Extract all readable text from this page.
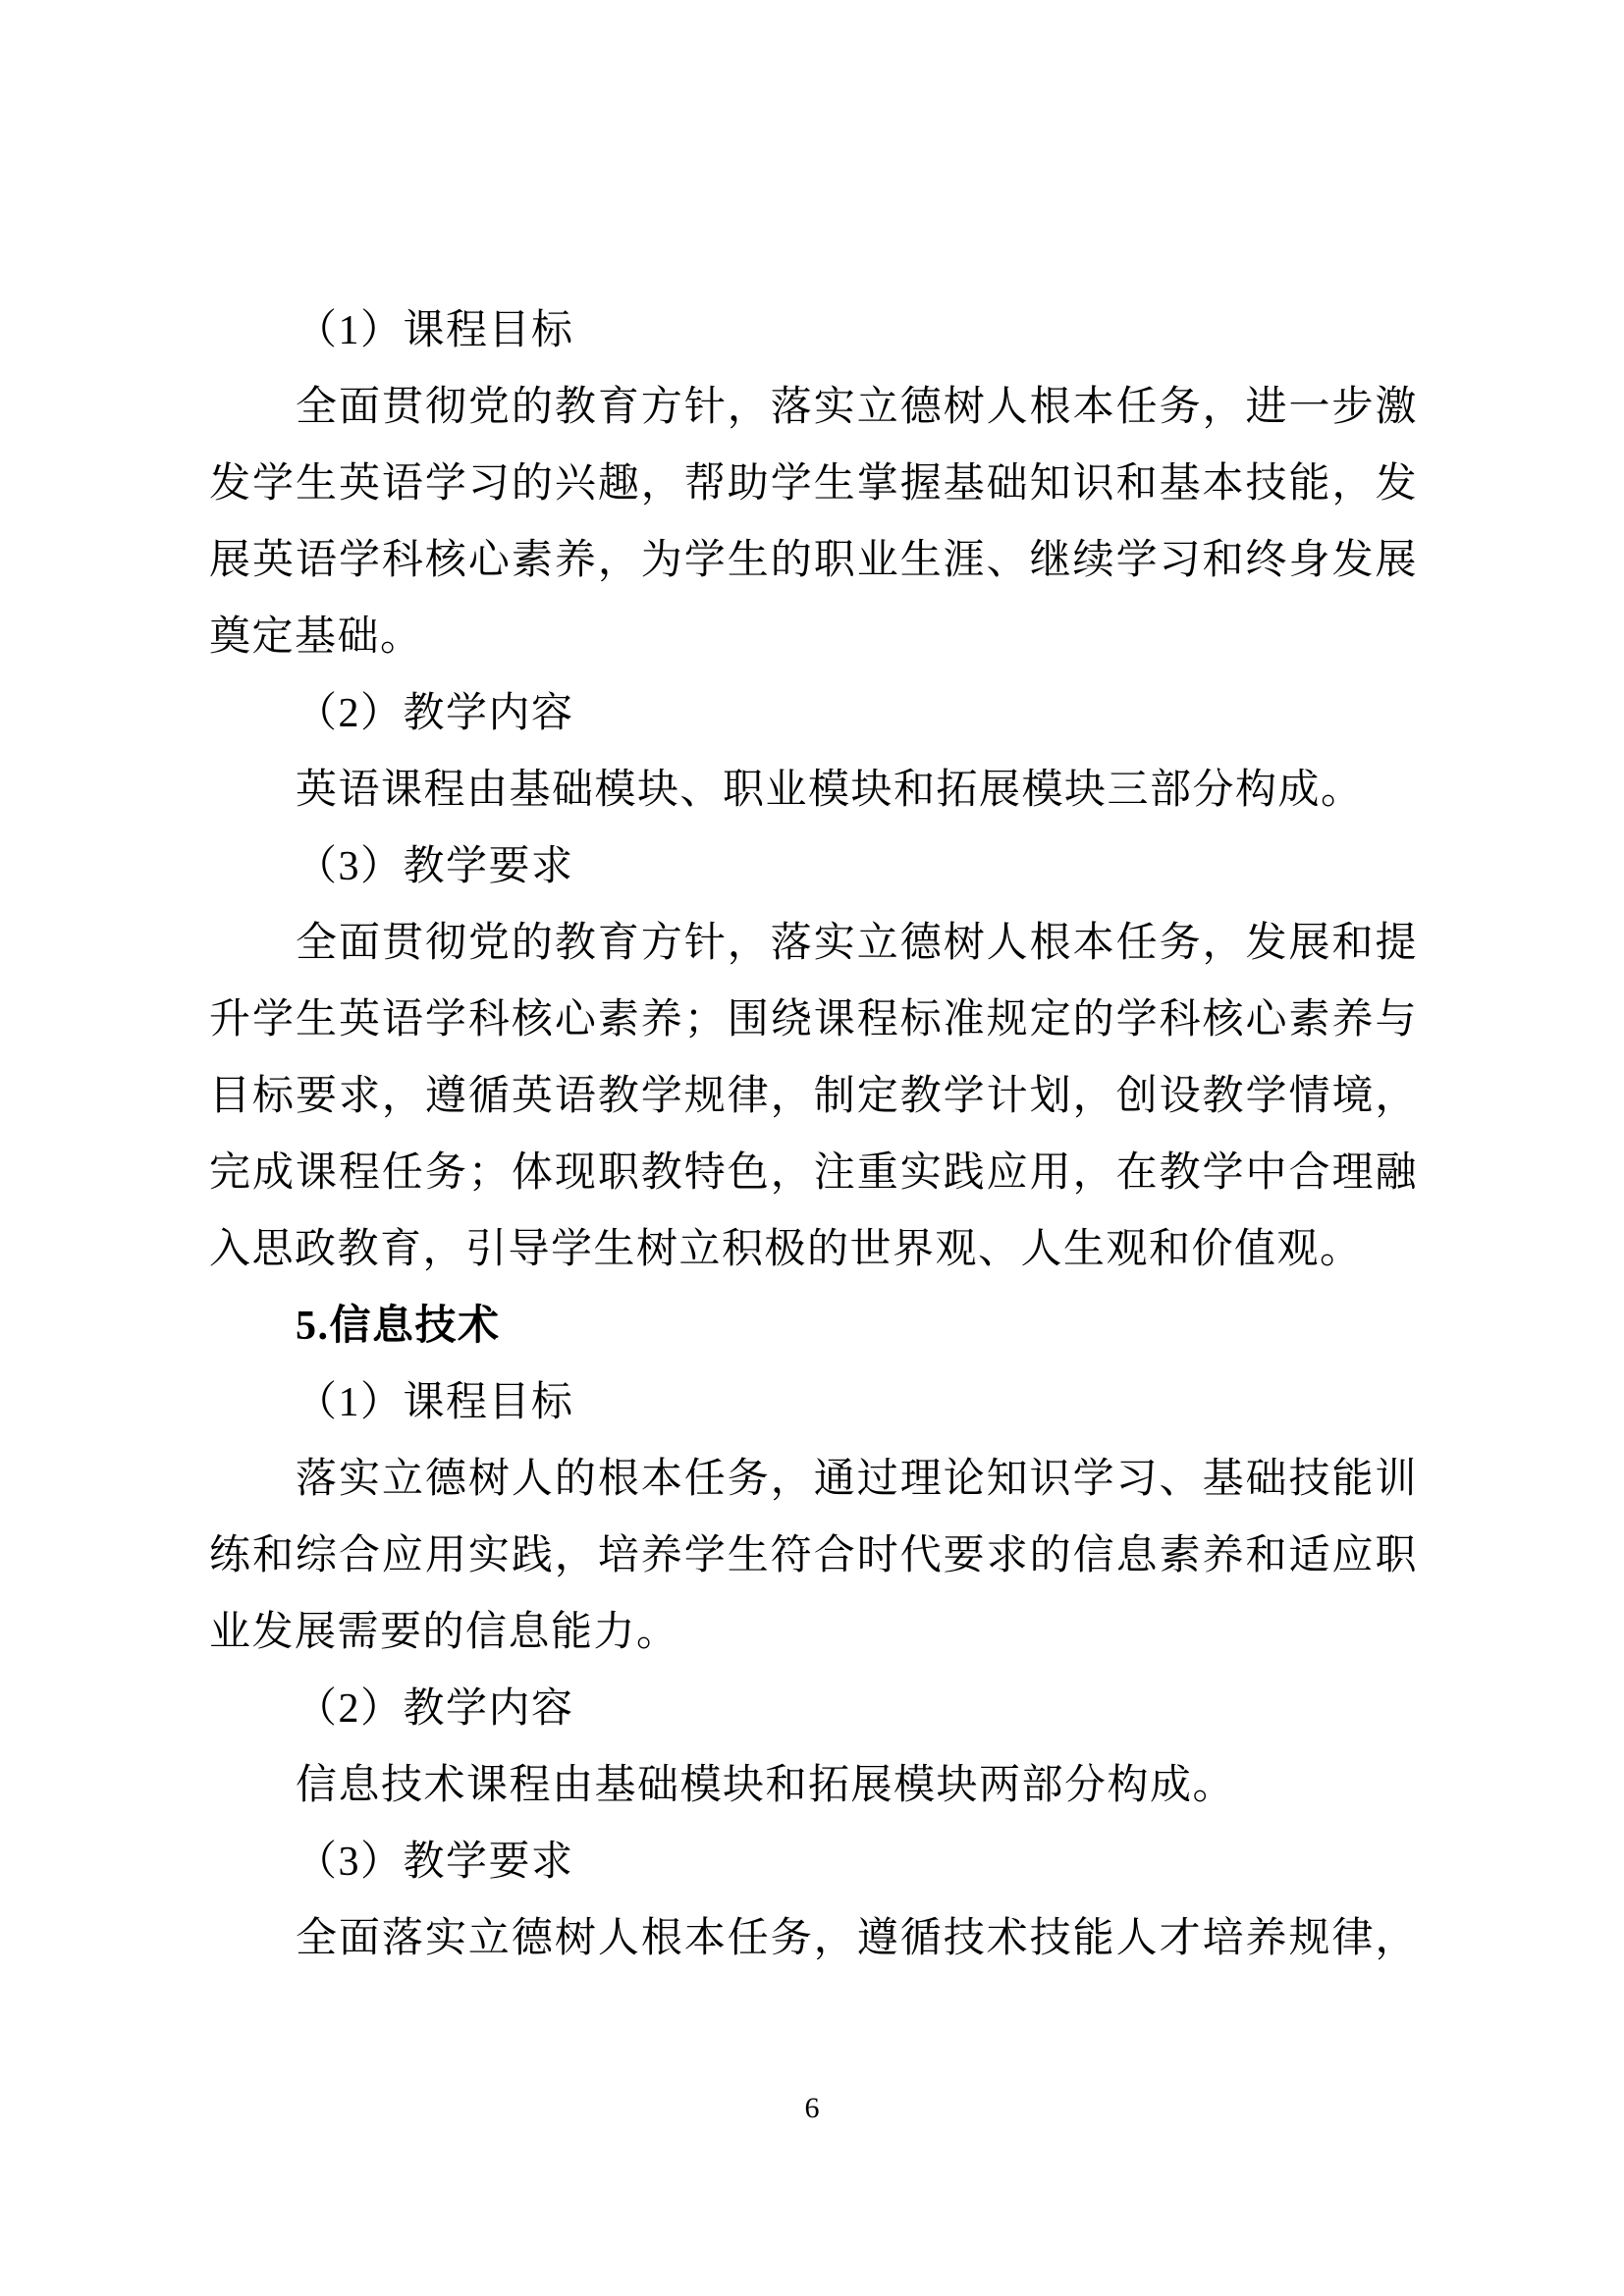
（1）课程目标
全面贯彻党的教育方针，落实立德树人根本任务，进一步激
发学生英语学习的兴趣，帮助学生掌握基础知识和基本技能，发
展英语学科核心素养，为学生的职业生涯、继续学习和终身发展
奠定基础。
（2）教学内容
英语课程由基础模块、职业模块和拓展模块三部分构成。
（3）教学要求
全面贯彻党的教育方针，落实立德树人根本任务，发展和提
升学生英语学科核心素养；围绕课程标准规定的学科核心素养与
目标要求，遵循英语教学规律，制定教学计划，创设教学情境，
完成课程任务；体现职教特色，注重实践应用，在教学中合理融
入思政教育，引导学生树立积极的世界观、人生观和价值观。
5.信息技术
（1）课程目标
落实立德树人的根本任务，通过理论知识学习、基础技能训
练和综合应用实践，培养学生符合时代要求的信息素养和适应职
业发展需要的信息能力。
（2）教学内容
信息技术课程由基础模块和拓展模块两部分构成。
（3）教学要求
全面落实立德树人根本任务，遵循技术技能人才培养规律，
6
